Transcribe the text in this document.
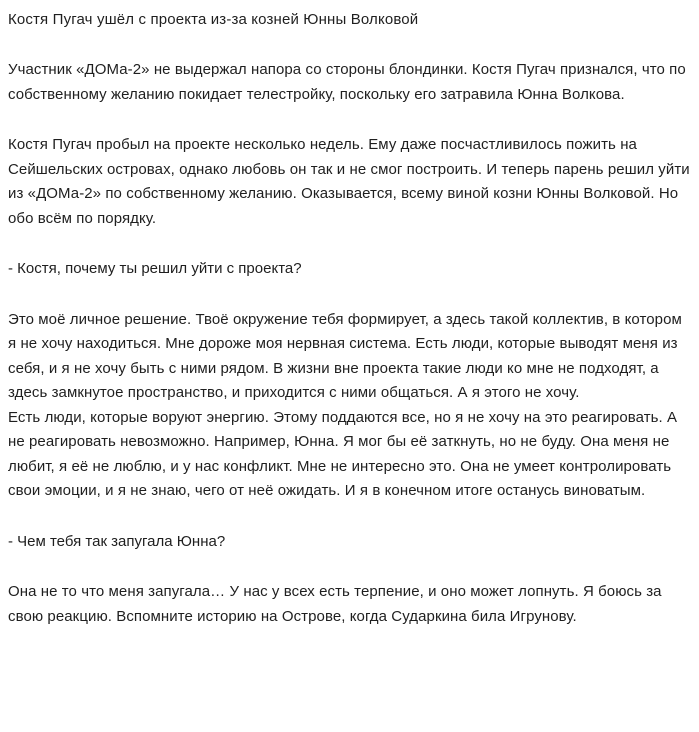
Костя Пугач ушёл с проекта из-за козней Юнны Волковой

Участник «ДОМа-2» не выдержал напора со стороны блондинки. Костя Пугач признался, что по собственному желанию покидает телестройку, поскольку его затравила Юнна Волкова.

Костя Пугач пробыл на проекте несколько недель. Ему даже посчастливилось пожить на Сейшельских островах, однако любовь он так и не смог построить. И теперь парень решил уйти из «ДОМа-2» по собственному желанию. Оказывается, всему виной козни Юнны Волковой. Но обо всём по порядку.

- Костя, почему ты решил уйти с проекта?

Это моё личное решение. Твоё окружение тебя формирует, а здесь такой коллектив, в котором я не хочу находиться. Мне дороже моя нервная система. Есть люди, которые выводят меня из себя, и я не хочу быть с ними рядом. В жизни вне проекта такие люди ко мне не подходят, а здесь замкнутое пространство, и приходится с ними общаться. А я этого не хочу.
Есть люди, которые воруют энергию. Этому поддаются все, но я не хочу на это реагировать. А не реагировать невозможно. Например, Юнна. Я мог бы её заткнуть, но не буду. Она меня не любит, я её не люблю, и у нас конфликт. Мне не интересно это. Она не умеет контролировать свои эмоции, и я не знаю, чего от неё ожидать. И я в конечном итоге останусь виноватым.

- Чем тебя так запугала Юнна?

Она не то что меня запугала… У нас у всех есть терпение, и оно может лопнуть. Я боюсь за свою реакцию. Вспомните историю на Острове, когда Сударкина била Игрунову.
